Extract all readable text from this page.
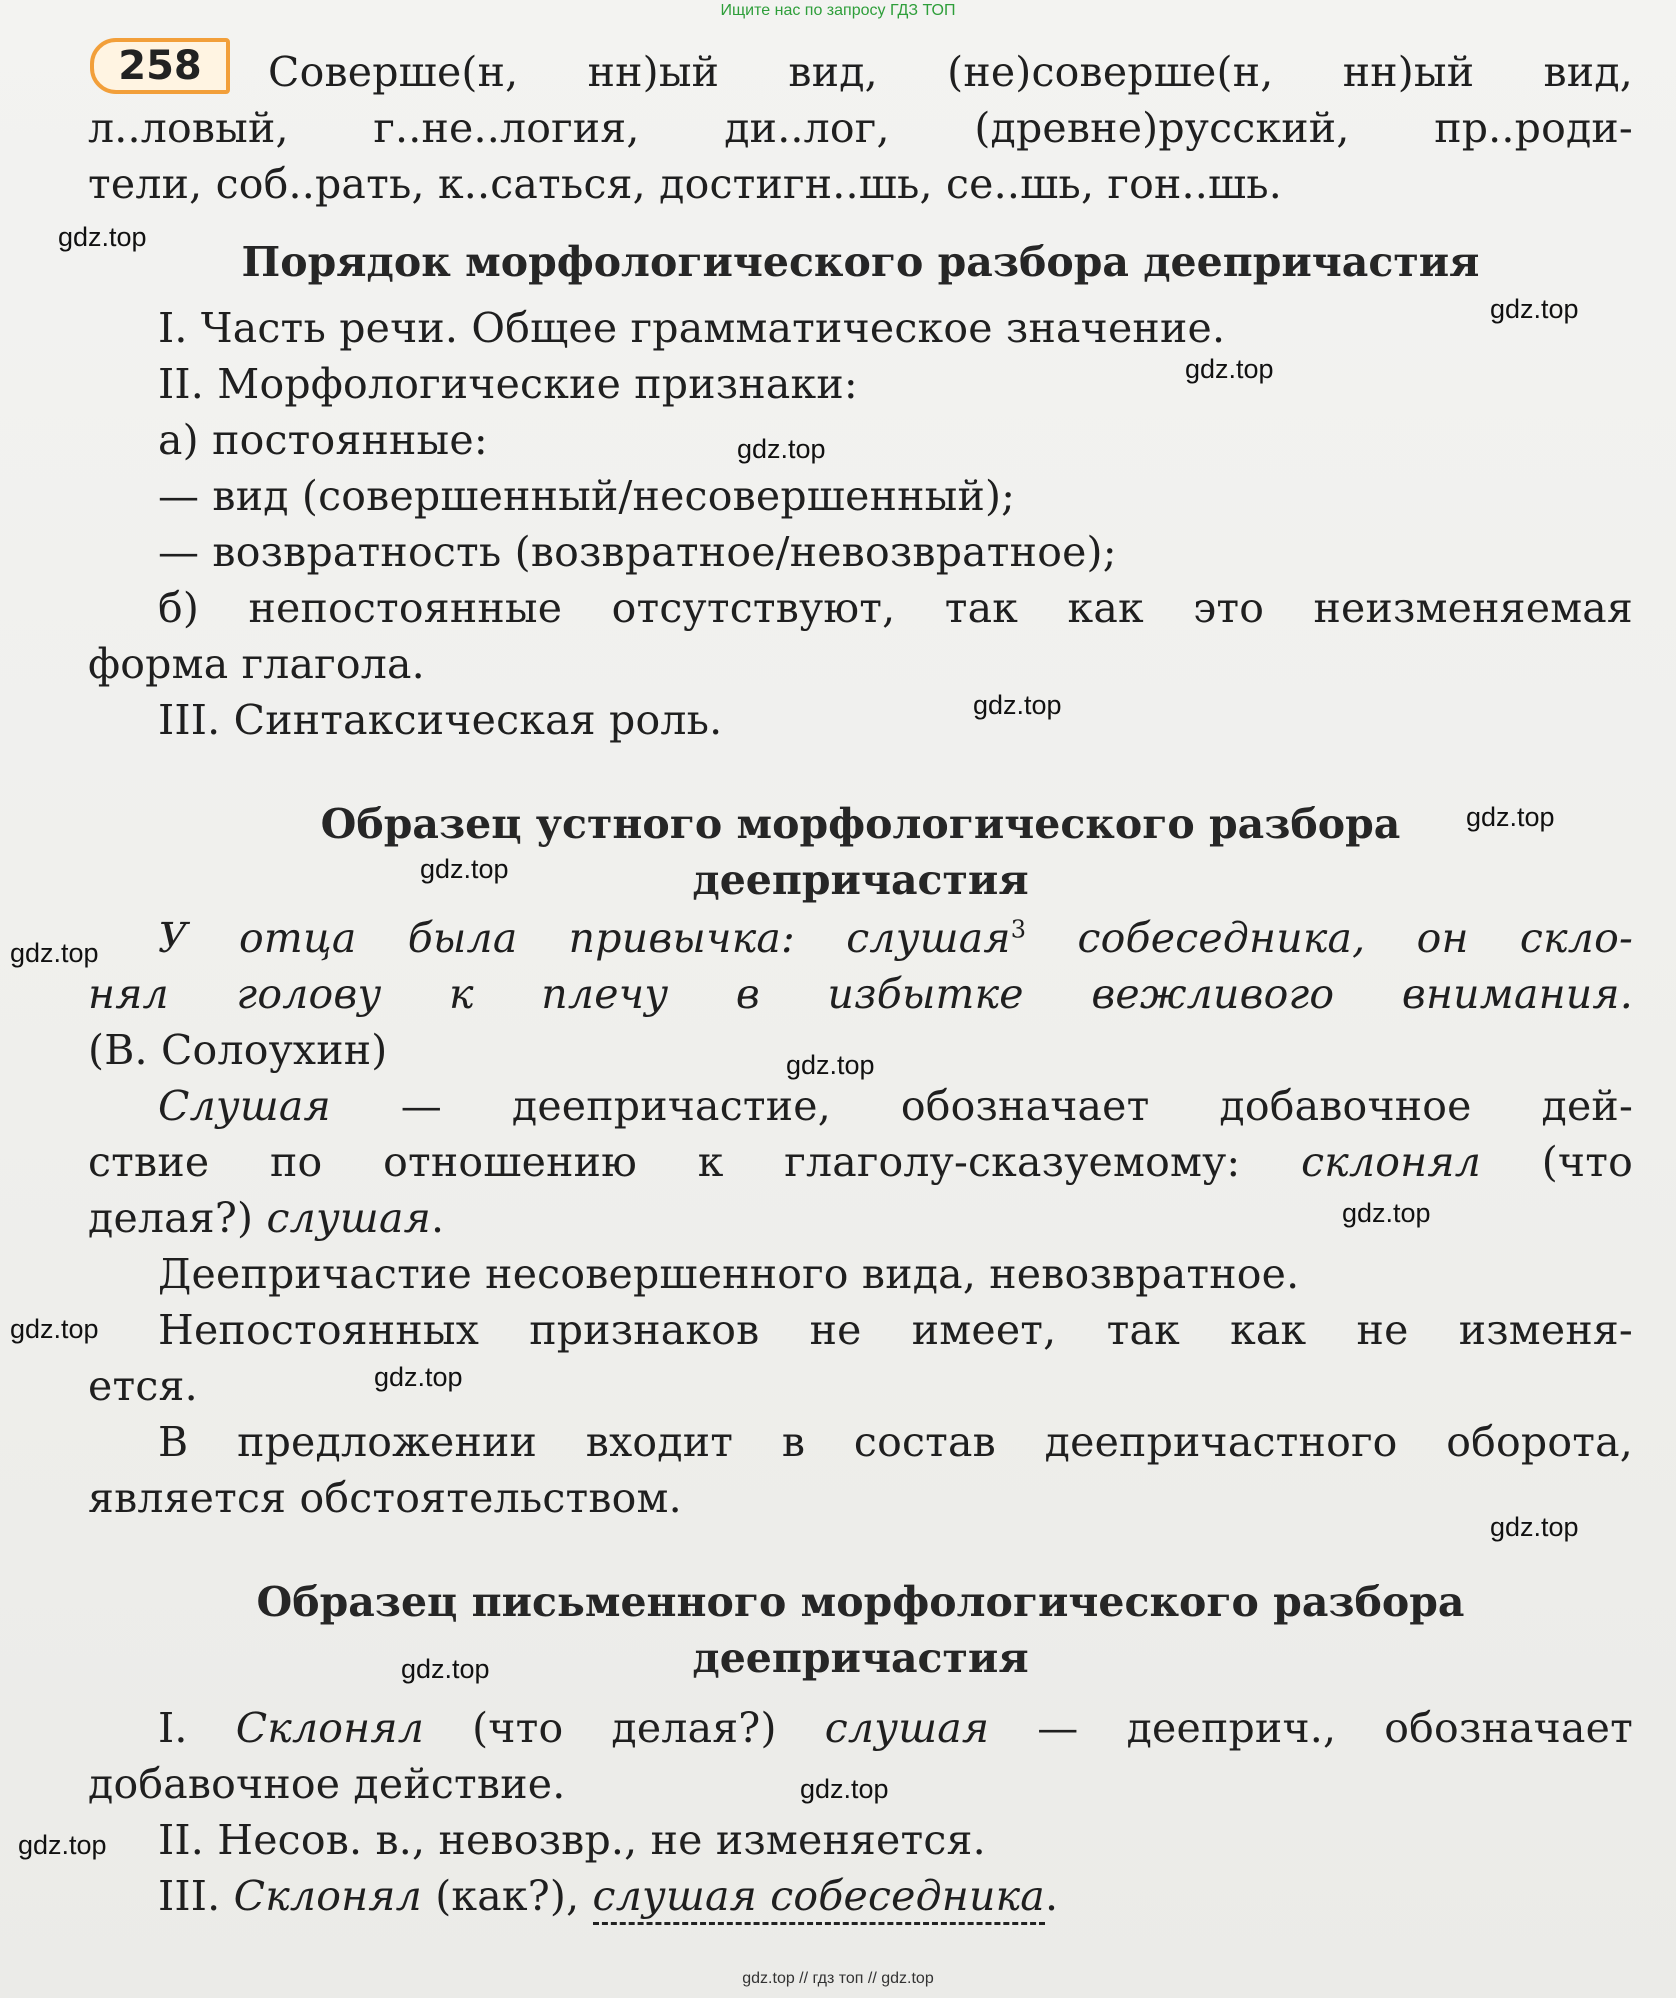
Ищите нас по запросу ГДЗ ТОП
258 Соверше(н, нн)ый вид, (не)соверше(н, нн)ый вид,
л..ловый, г..не..логия, ди..лог, (древне)русский, пр..роди-
тели, соб..рать, к..саться, достигн..шь, се..шь, гон..шь.
Порядок морфологического разбора деепричастия
I. Часть речи. Общее грамматическое значение.
II. Морфологические признаки:
а) постоянные:
— вид (совершенный/несовершенный);
— возвратность (возвратное/невозвратное);
б) непостоянные отсутствуют, так как это неизменяемая
форма глагола.
III. Синтаксическая роль.
Образец устного морфологического разбора
деепричастия
У отца была привычка: слушая$^3$ собеседника, он скло-
нял голову к плечу в избытке вежливого внимания.
(В. Солоухин)
Слушая — деепричастие, обозначает добавочное дей-
ствие по отношению к глаголу-сказуемому: склонял (что
делая?) слушая.
Деепричастие несовершенного вида, невозвратное.
Непостоянных признаков не имеет, так как не изменя-
ется.
В предложении входит в состав деепричастного оборота,
является обстоятельством.
Образец письменного морфологического разбора
деепричастия
I. Склонял (что делая?) слушая — дееприч., обозначает
добавочное действие.
II. Несов. в., невозвр., не изменяется.
III. Склонял (как?), слушая собеседника.
gdz.top
gdz.top
gdz.top
gdz.top
gdz.top
gdz.top
gdz.top
gdz.top
gdz.top
gdz.top
gdz.top
gdz.top
gdz.top
gdz.top
gdz.top
gdz.top
gdz.top // гдз топ // gdz.top
